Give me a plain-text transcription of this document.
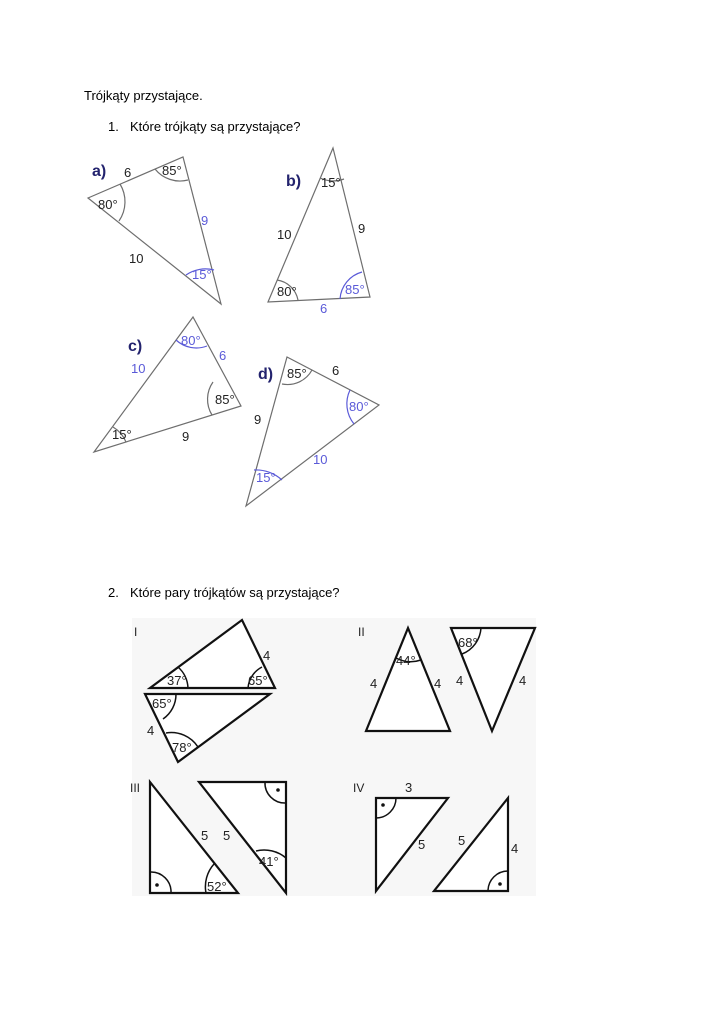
Trójkąty przystające.
1. Które trójkąty są przystające?
2. Które pary trójkątów są przystające?
a)
b)
c)
d)
6
9
10
85°
80°
15°
10	9
6
15°
80°	85°
10
6
9
80°
85°
15°
6
9
10
85°
80°
15°
I	II
III	IV
4
37°	65°
4
65°
78°
4	4
44°
4	4
68°
5
52°
5
41°
3
5	5
4
